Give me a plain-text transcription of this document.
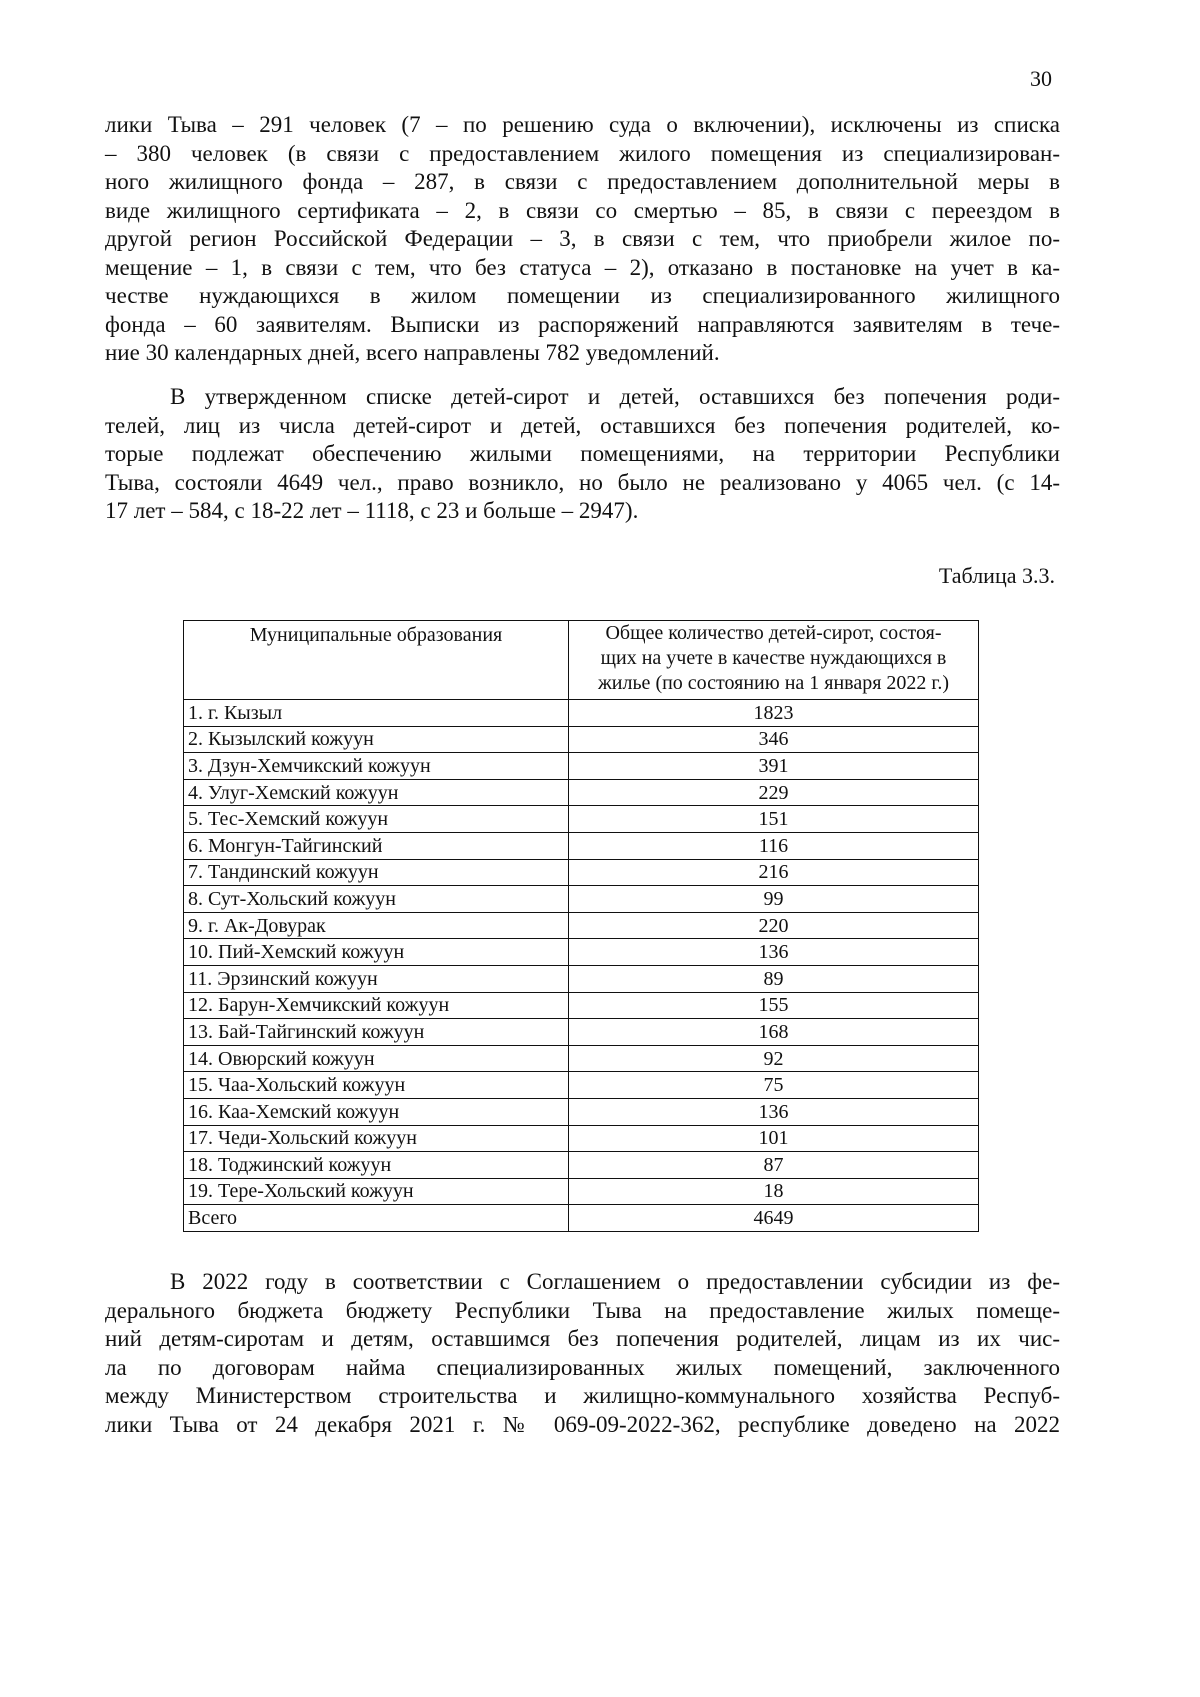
30
лики Тыва – 291 человек (7 – по решению суда о включении), исключены из списка
– 380 человек (в связи с предоставлением жилого помещения из специализирован-
ного жилищного фонда – 287, в связи с предоставлением дополнительной меры в
виде жилищного сертификата – 2, в связи со смертью – 85, в связи с переездом в
другой регион Российской Федерации – 3, в связи с тем, что приобрели жилое по-
мещение – 1, в связи с тем, что без статуса – 2), отказано в постановке на учет в ка-
честве нуждающихся в жилом помещении из специализированного жилищного
фонда – 60 заявителям. Выписки из распоряжений направляются заявителям в тече-
ние 30 календарных дней, всего направлены 782 уведомлений.
В утвержденном списке детей-сирот и детей, оставшихся без попечения роди-
телей, лиц из числа детей-сирот и детей, оставшихся без попечения родителей, ко-
торые подлежат обеспечению жилыми помещениями, на территории Республики
Тыва, состояли 4649 чел., право возникло, но было не реализовано у 4065 чел. (с 14-
17 лет – 584, с 18-22 лет – 1118, с 23 и больше – 2947).
Таблица 3.3.
Муниципальные образования	Общее количество детей-сирот, состоя-
щих на учете в качестве нуждающихся в
жилье (по состоянию на 1 января 2022 г.)

1. г. Кызыл	1823
2. Кызылский кожуун	346
3. Дзун-Хемчикский кожуун	391
4. Улуг-Хемский кожуун	229
5. Тес-Хемский кожуун	151
6. Монгун-Тайгинский	116
7. Тандинский кожуун	216
8. Сут-Хольский кожуун	99
9. г. Ак-Довурак	220
10. Пий-Хемский кожуун	136
11. Эрзинский кожуун	89
12. Барун-Хемчикский кожуун	155
13. Бай-Тайгинский кожуун	168
14. Овюрский кожуун	92
15. Чаа-Хольский кожуун	75
16. Каа-Хемский кожуун	136
17. Чеди-Хольский кожуун	101
18. Тоджинский кожуун	87
19. Тере-Хольский кожуун	18
Всего	4649
В 2022 году в соответствии с Соглашением о предоставлении субсидии из фе-
дерального бюджета бюджету Республики Тыва на предоставление жилых помеще-
ний детям-сиротам и детям, оставшимся без попечения родителей, лицам из их чис-
ла по договорам найма специализированных жилых помещений, заключенного
между Министерством строительства и жилищно-коммунального хозяйства Респуб-
лики Тыва от 24 декабря 2021 г. № 069-09-2022-362, республике доведено на 2022
